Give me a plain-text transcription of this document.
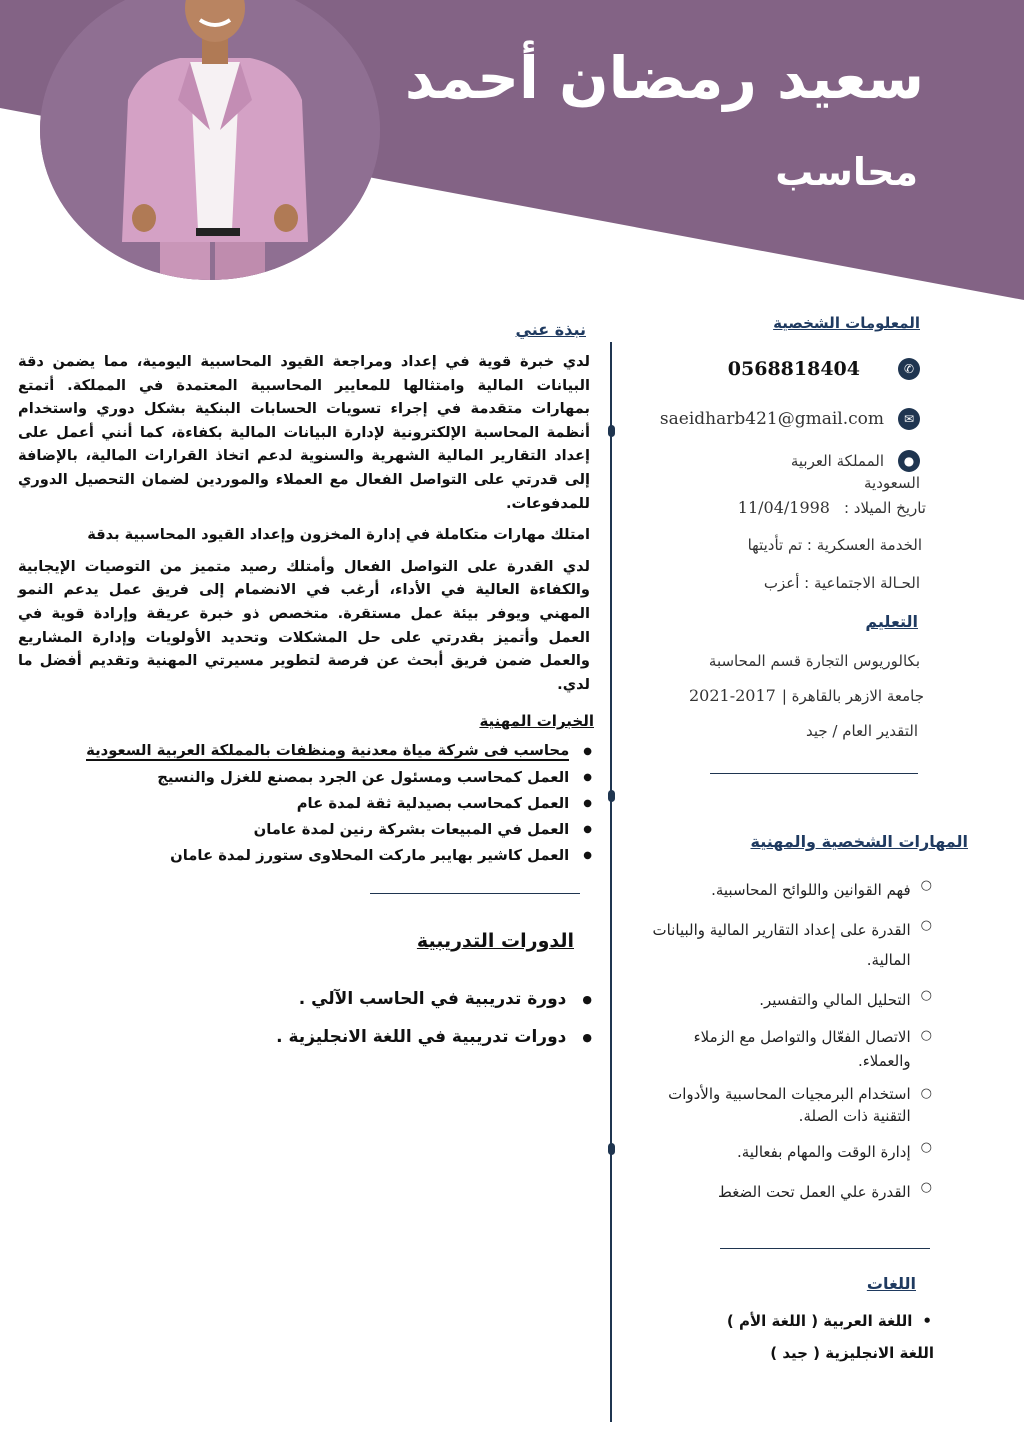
سعيد رمضان أحمد
محاسب
المعلومات الشخصية
✆
0568818404
✉
saeidharb421@gmail.com
●
المملكة العربية
السعودية
تاريخ الميلاد :
11/04/1998
الخدمة العسكرية : تم تأديتها
الحـالة الاجتماعية : أعزب
التعليم
بكالوريوس التجارة قسم المحاسبة
جامعة الازهر بالقاهرة |
2021-2017
التقدير العام / جيد
المهارات الشخصية والمهنية
○
فهم القوانين واللوائح المحاسبية.
○
القدرة على إعداد التقارير المالية والبيانات المالية.
○
التحليل المالي والتفسير.
○
الاتصال الفعّال والتواصل مع الزملاء والعملاء.
○
استخدام البرمجيات المحاسبية والأدوات التقنية ذات الصلة.
○
إدارة الوقت والمهام بفعالية.
○
القدرة علي العمل تحت الضغط
اللغات
•
اللغة العربية ( اللغة الأم )
اللغة الانجليزية ( جيد )
نبذة عني

لدي خبرة قوية في إعداد ومراجعة القيود المحاسبية اليومية، مما يضمن دقة البيانات المالية وامتثالها للمعايير المحاسبية المعتمدة في المملكة. أتمتع بمهارات متقدمة في إجراء تسويات الحسابات البنكية بشكل دوري واستخدام أنظمة المحاسبة الإلكترونية لإدارة البيانات المالية بكفاءة، كما أنني أعمل على إعداد التقارير المالية الشهرية والسنوية لدعم اتخاذ القرارات المالية، بالإضافة إلى قدرتي على التواصل الفعال مع العملاء والموردين لضمان التحصيل الدوري للمدفوعات.

امتلك مهارات متكاملة في إدارة المخزون وإعداد القيود المحاسبية بدقة

لدي القدرة على التواصل الفعال وأمتلك رصيد متميز من التوصيات الإيجابية والكفاءة العالية في الأداء، أرغب في الانضمام إلى فريق عمل يدعم النمو المهني ويوفر بيئة عمل مستقرة. متخصص ذو خبرة عريقة وإرادة قوية في العمل وأتميز بقدرتي على حل المشكلات وتحديد الأولويات وإدارة المشاريع والعمل ضمن فريق أبحث عن فرصة لتطوير مسيرتي المهنية وتقديم أفضل ما لدي.

الخبرات المهنية
●
محاسب فى شركة مياة معدنية ومنظفات بالمملكة العربية السعودية
●
العمل كمحاسب ومسئول عن الجرد بمصنع للغزل والنسيج
●
العمل كمحاسب بصيدلية ثقة لمدة عام
●
العمل في المبيعات بشركة رنين لمدة عامان
●
العمل كاشير بهايبر ماركت المحلاوى ستورز لمدة عامان
الدورات التدريبية
●
دورة تدريبية في الحاسب الآلي .
●
دورات تدريبية في اللغة الانجليزية .
